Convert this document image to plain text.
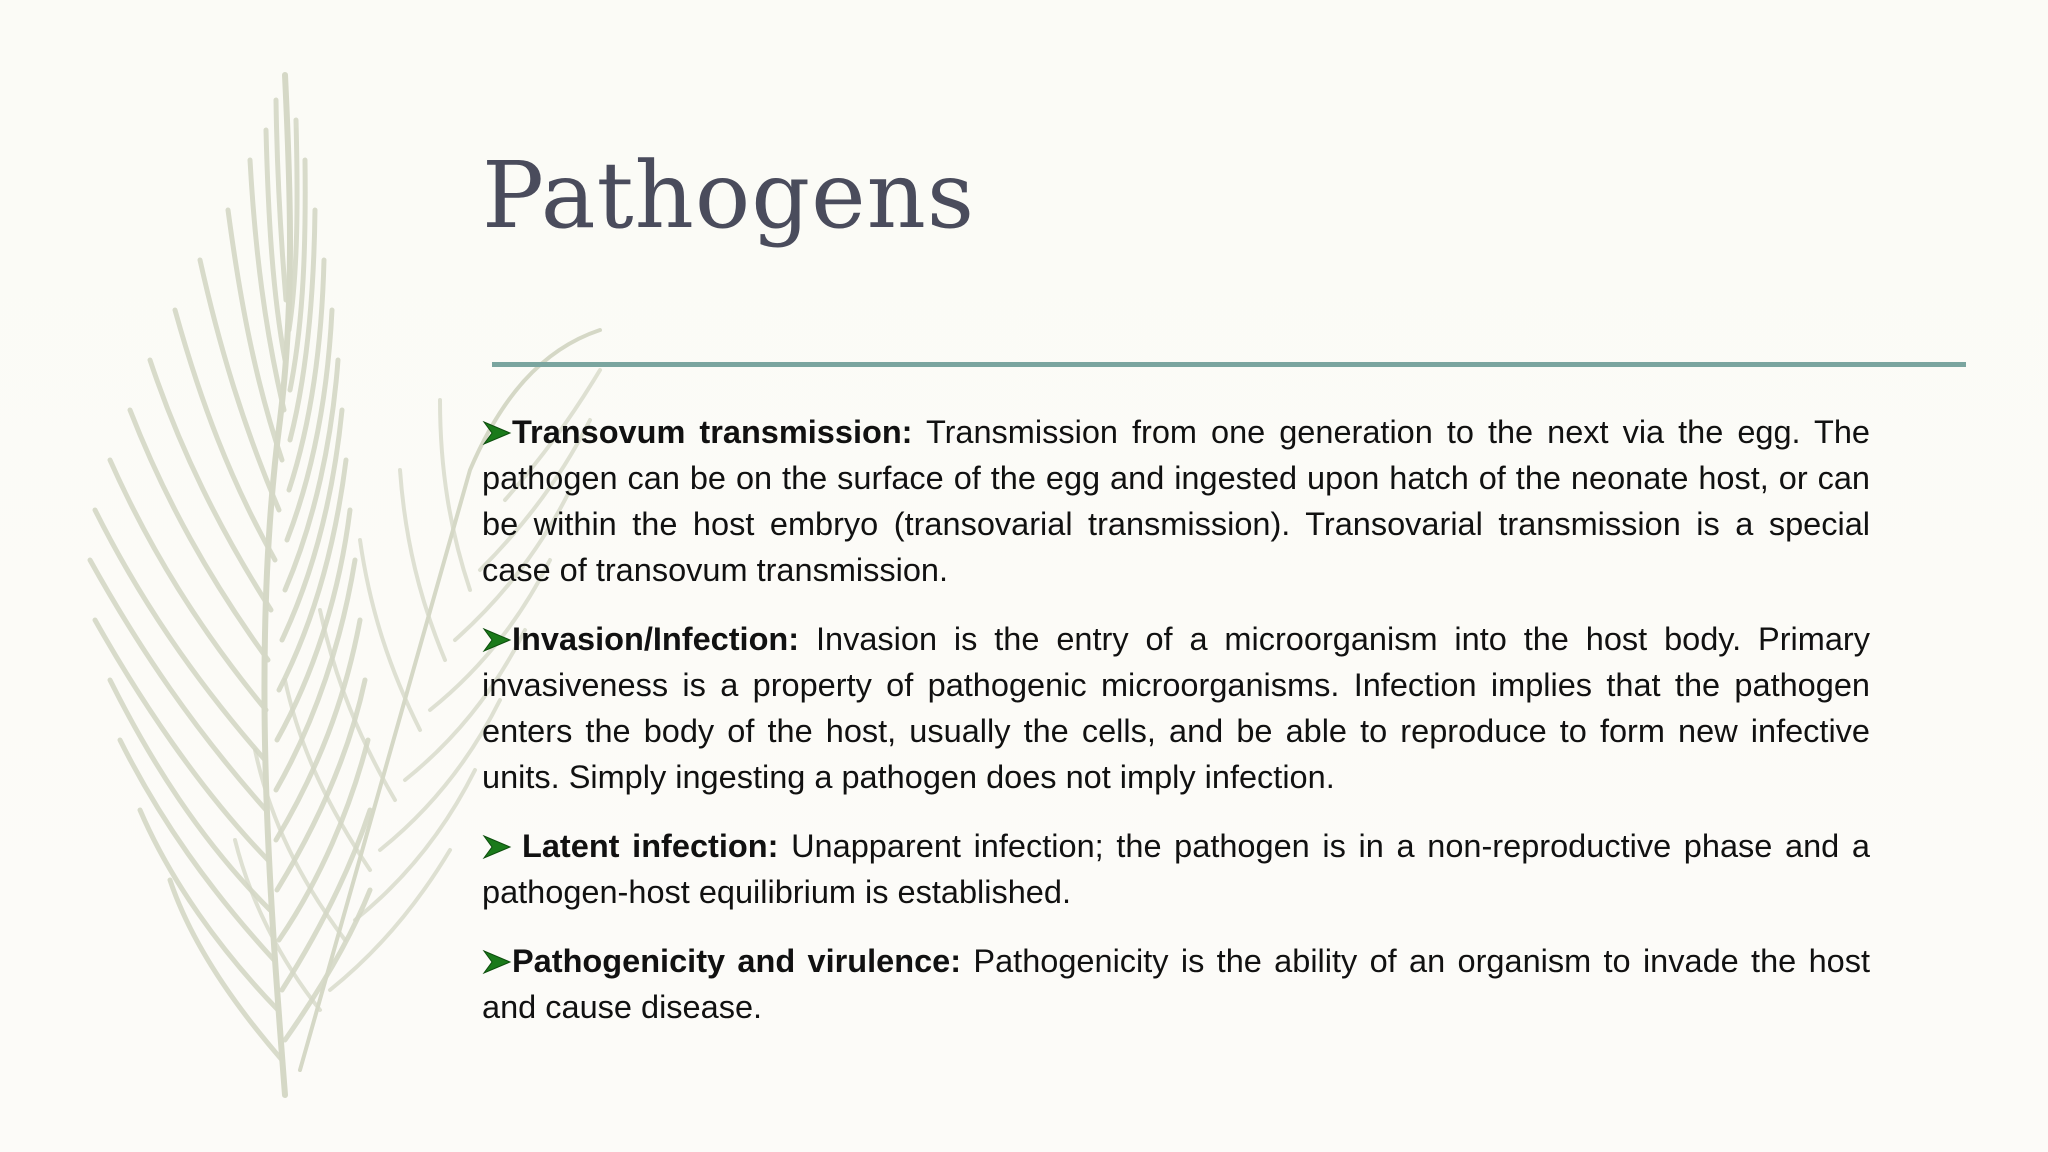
Pathogens

Transovum transmission: Transmission from one generation to the next via the egg. The pathogen can be on the surface of the egg and ingested upon hatch of the neonate host, or can be within the host embryo (transovarial transmission). Transovarial transmission is a special case of transovum transmission.

Invasion/Infection: Invasion is the entry of a microorganism into the host body. Primary invasiveness is a property of pathogenic microorganisms. Infection implies that the pathogen enters the body of the host, usually the cells, and be able to reproduce to form new infective units. Simply ingesting a pathogen does not imply infection.

Latent infection: Unapparent infection; the pathogen is in a non-reproductive phase and a pathogen-host equilibrium is established.

Pathogenicity and virulence: Pathogenicity is the ability of an organism to invade the host and cause disease.
